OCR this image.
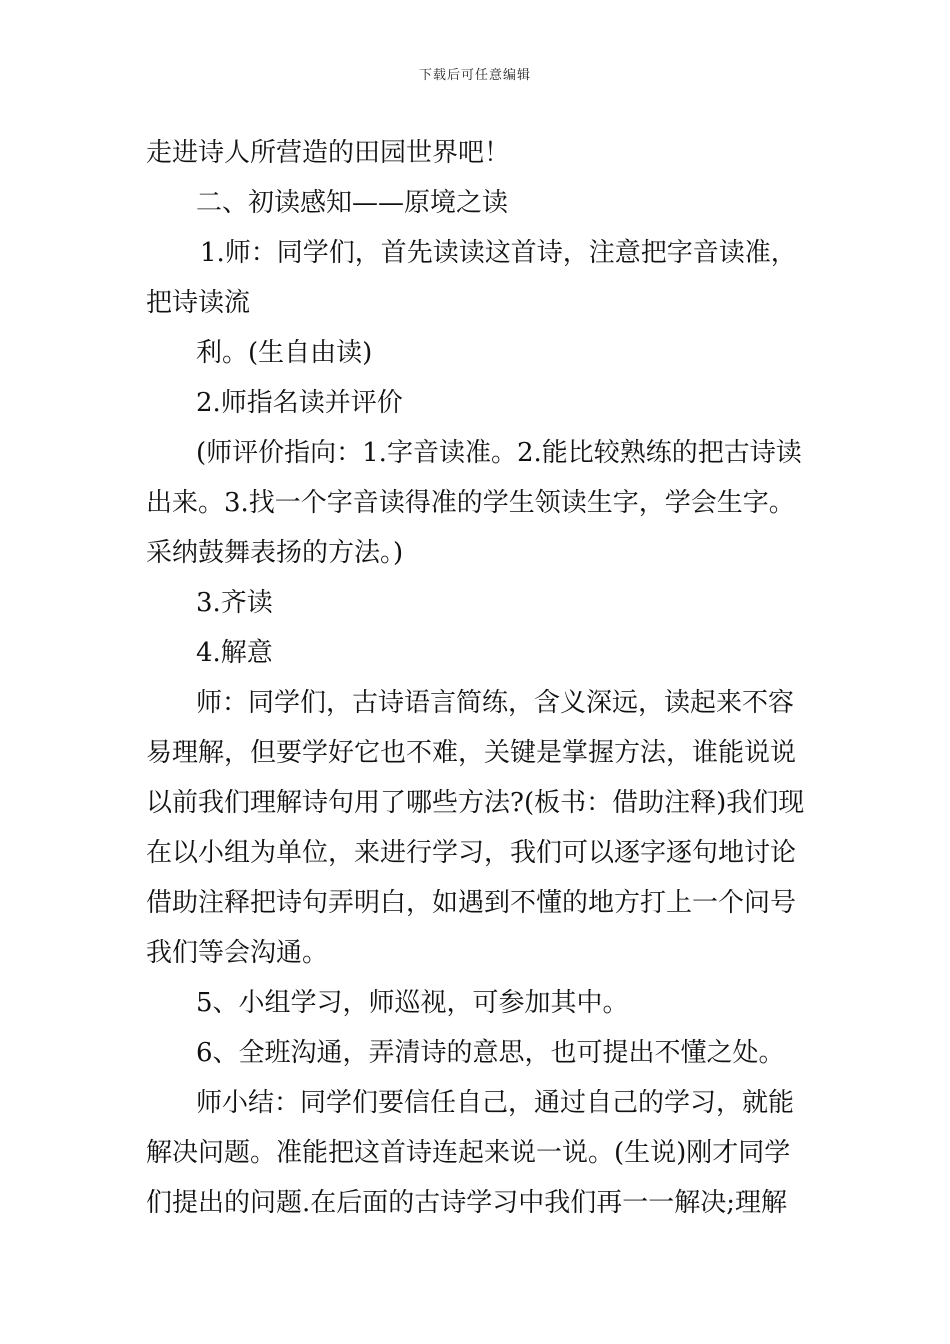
下载后可任意编辑
走进诗人所营造的田园世界吧！
二、初读感知——原境之读
1.师：同学们，首先读读这首诗，注意把字音读准，
把诗读流
利。(生自由读)
2.师指名读并评价
(师评价指向：1.字音读准。2.能比较熟练的把古诗读
出来。3.找一个字音读得准的学生领读生字，学会生字。
采纳鼓舞表扬的方法。)
3.齐读
4.解意
师：同学们，古诗语言简练，含义深远，读起来不容
易理解，但要学好它也不难，关键是掌握方法，谁能说说
以前我们理解诗句用了哪些方法?(板书：借助注释)我们现
在以小组为单位，来进行学习，我们可以逐字逐句地讨论
借助注释把诗句弄明白，如遇到不懂的地方打上一个问号
我们等会沟通。
5、小组学习，师巡视，可参加其中。
6、全班沟通，弄清诗的意思，也可提出不懂之处。
师小结：同学们要信任自己，通过自己的学习，就能
解决问题。准能把这首诗连起来说一说。(生说)刚才同学
们提出的问题.在后面的古诗学习中我们再一一解决;理解
